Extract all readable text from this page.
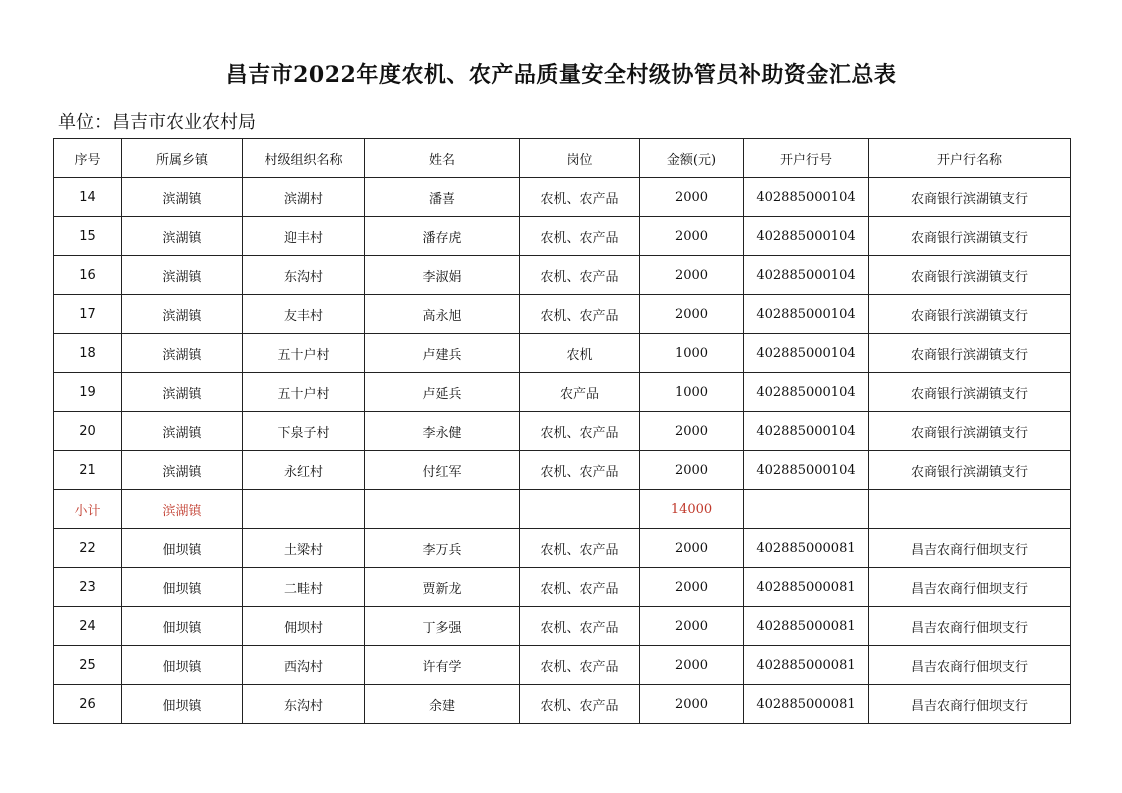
昌吉市2022年度农机、农产品质量安全村级协管员补助资金汇总表
单位：昌吉市农业农村局
序号	所属乡镇	村级组织名称	姓名	岗位	金额(元)	开户行号	开户行名称
14	滨湖镇	滨湖村	潘喜	农机、农产品	2000	402885000104	农商银行滨湖镇支行
15	滨湖镇	迎丰村	潘存虎	农机、农产品	2000	402885000104	农商银行滨湖镇支行
16	滨湖镇	东沟村	李淑娟	农机、农产品	2000	402885000104	农商银行滨湖镇支行
17	滨湖镇	友丰村	高永旭	农机、农产品	2000	402885000104	农商银行滨湖镇支行
18	滨湖镇	五十户村	卢建兵	农机	1000	402885000104	农商银行滨湖镇支行
19	滨湖镇	五十户村	卢延兵	农产品	1000	402885000104	农商银行滨湖镇支行
20	滨湖镇	下泉子村	李永健	农机、农产品	2000	402885000104	农商银行滨湖镇支行
21	滨湖镇	永红村	付红军	农机、农产品	2000	402885000104	农商银行滨湖镇支行
小计	滨湖镇				14000		
22	佃坝镇	土梁村	李万兵	农机、农产品	2000	402885000081	昌吉农商行佃坝支行
23	佃坝镇	二畦村	贾新龙	农机、农产品	2000	402885000081	昌吉农商行佃坝支行
24	佃坝镇	佣坝村	丁多强	农机、农产品	2000	402885000081	昌吉农商行佃坝支行
25	佃坝镇	西沟村	许有学	农机、农产品	2000	402885000081	昌吉农商行佃坝支行
26	佃坝镇	东沟村	余建	农机、农产品	2000	402885000081	昌吉农商行佃坝支行
